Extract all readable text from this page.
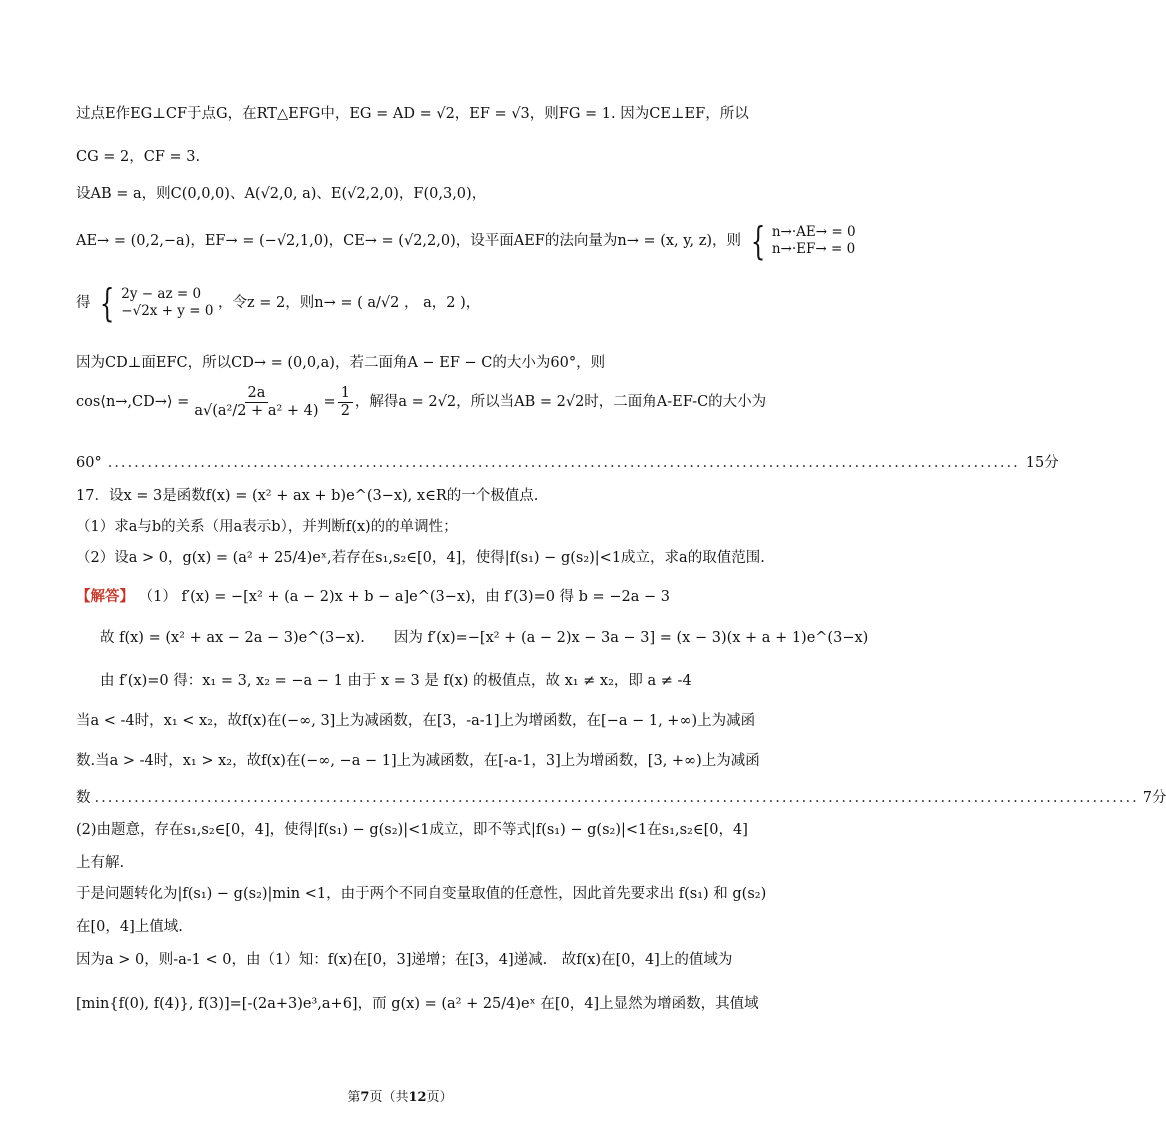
过点E作EG⊥CF于点G，在RT△EFG中，EG = AD = √2，EF = √3，则FG = 1. 因为CE⊥EF，所以
CG = 2，CF = 3.
设AB = a，则C(0,0,0)、A(√2,0, a)、E(√2,2,0)，F(0,3,0)，
AE→ = (0,2,−a)，EF→ = (−√2,1,0)，CE→ = (√2,2,0)，设平面AEF的法向量为n→ = (x, y, z)，则 { n→·AE→ = 0
n→·EF→ = 0
得 { 2y − az = 0
−√2x + y = 0 ，令z = 2，则n→ = ( a/√2 ， a，2 )，
因为CD⊥面EFC，所以CD→ = (0,0,a)，若二面角A − EF − C的大小为60°，则
cos⟨n→,CD→⟩ = $\frac{2a}{\text{a√(a²/2 + a² + 4)}} = \frac{1}{2}$ ，解得a = 2√2，所以当AB = 2√2时，二面角A-EF-C的大小为
60° .......................................................................................................................................... 15分
17．设x = 3是函数f(x) = (x² + ax + b)e^(3−x), x∈R的一个极值点.
（1）求a与b的关系（用a表示b），并判断f(x)的的单调性；
（2）设a > 0，g(x) = (a² + 25/4)eˣ,若存在s₁,s₂∈[0，4]，使得|f(s₁) − g(s₂)|<1成立，求a的取值范围.
【解答】 （1） f′(x) = −[x² + (a − 2)x + b − a]e^(3−x)，由 f′(3)=0 得 b = −2a − 3
故 f(x) = (x² + ax − 2a − 3)e^(3−x).　　因为 f′(x)=−[x² + (a − 2)x − 3a − 3] = (x − 3)(x + a + 1)e^(3−x)
由 f′(x)=0 得：x₁ = 3, x₂ = −a − 1 由于 x = 3 是 f(x) 的极值点，故 x₁ ≠ x₂，即 a ≠ -4
当a < -4时，x₁ < x₂，故f(x)在(−∞, 3]上为减函数，在[3，-a-1]上为增函数，在[−a − 1, +∞)上为减函
数.当a > -4时，x₁ > x₂，故f(x)在(−∞, −a − 1]上为减函数，在[-a-1，3]上为增函数，[3, +∞)上为减函
数 .............................................................................................................................................................. 7分
(2)由题意，存在s₁,s₂∈[0，4]，使得|f(s₁) − g(s₂)|<1成立，即不等式|f(s₁) − g(s₂)|<1在s₁,s₂∈[0，4]
上有解.
于是问题转化为|f(s₁) − g(s₂)|min <1，由于两个不同自变量取值的任意性，因此首先要求出 f(s₁) 和 g(s₂)
在[0，4]上值域.
因为a > 0，则-a-1 < 0，由（1）知：f(x)在[0，3]递增；在[3，4]递减.　故f(x)在[0，4]上的值域为
[min{f(0), f(4)}, f(3)]=[-(2a+3)e³,a+6]，而 g(x) = (a² + 25/4)eˣ 在[0，4]上显然为增函数，其值域
第7页（共12页）
